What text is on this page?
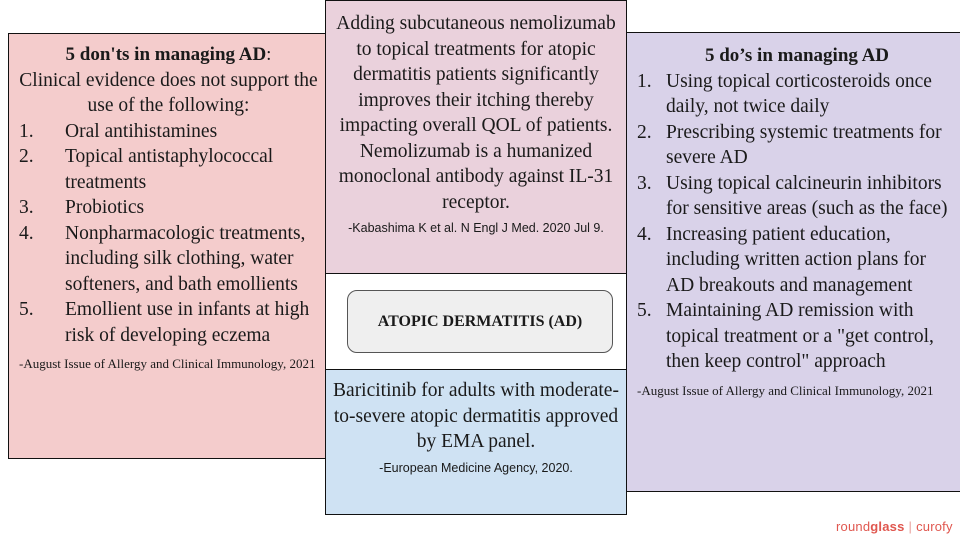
5 don'ts in managing AD:
Clinical evidence does not support the use of the following:
1.	Oral antihistamines
2.	Topical antistaphylococcal treatments
3.	Probiotics
4.	Nonpharmacologic treatments, including silk clothing, water softeners, and bath emollients
5.	Emollient use in infants at high risk of developing eczema
-August Issue of Allergy and Clinical Immunology, 2021
Adding subcutaneous nemolizumab to topical treatments for atopic dermatitis patients significantly improves their itching thereby impacting overall QOL of patients. Nemolizumab is a humanized monoclonal antibody against IL-31 receptor.
-Kabashima K et al. N Engl J Med. 2020 Jul 9.
ATOPIC DERMATITIS (AD)
Baricitinib for adults with moderate-to-severe atopic dermatitis approved by EMA panel.
-European Medicine Agency, 2020.
5 do’s in managing AD
1. Using topical corticosteroids once daily, not twice daily
2. Prescribing systemic treatments for severe AD
3. Using topical calcineurin inhibitors for sensitive areas (such as the face)
4. Increasing patient education, including written action plans for AD breakouts and management
5. Maintaining AD remission with topical treatment or a "get control, then keep control" approach
-August Issue of Allergy and Clinical Immunology, 2021
roundglass | curofy
